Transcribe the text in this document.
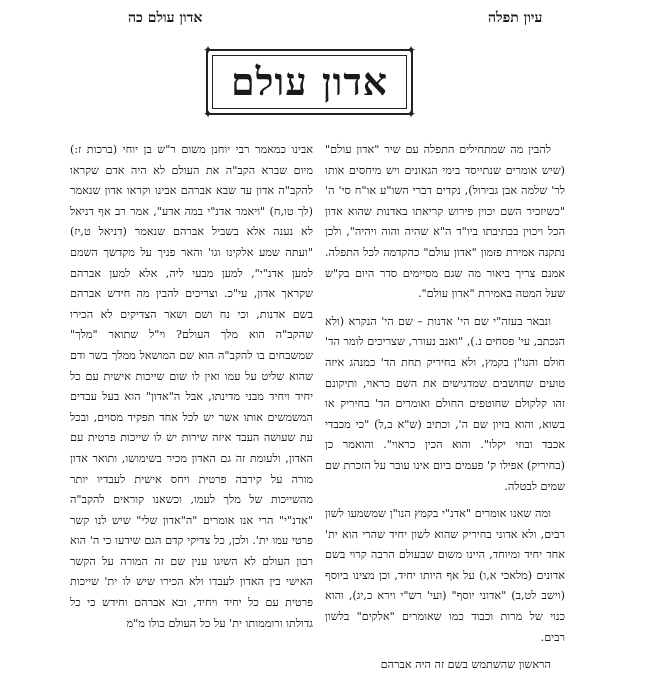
עיון תפלה
אדון עולם כה
✦	✦
✦	✦
אדון עולם

להבין מה שמתחילים התפלה עם שיר "אדון עולם" (שיש אומרים שנתייסד בימי הגאונים ויש מיחסים אותו לר' שלמה אבן גבירול), נקדים דברי השו"ע או"ח סי' ה' "כשיזכיר השם יכוין פירוש קריאתו באדנות שהוא אדון הכל ויכוין בכתיבתו ביו"ד ה"א שהיה והוה ויהיה", ולכן נתקנה אמירת פזמון "אדון עולם" כהקדמה לכל התפלה. אמנם צריך ביאור מה שגם מסיימים סדר היום בק"ש שעל המטה באמירת "אדון עולם".

ונבאר בעזה"י שם הי' אדנות – שם הי' הנקרא (ולא הנכתב, עי' פסחים נ.), "ואנב נעורר, שצריכים לומר הד' חולם והנו"ן בקמץ, ולא בחיריק תחת הד' כמנהג איזה טועים שחושבים שמדגישים את השם כראוי, ותיקונם זהו קלקולם שחוטפים החולם ואומרים הד' בחיריק או בשוא, והוא בזיון שם ה', וכתיב (ש"א ב,ל) "כי מכבדי אכבד ובוזי יקלו". והוא הכין כראוי". והואמר כן (בחיריק) אפילו ק' פעמים ביום אינו עובר על הזכרת שם שמים לבטלה.

ומה שאנו אומרים "אדנ"י בקמץ הנו"ן שמשמעו לשון רבים, ולא אדוני בחיריק שהוא לשון יחיד שהרי הוא ית' אחד יחיד ומיוחד, היינו משום שבעולם הרבה קרוי בשם אדונים (מלאכי א,ו) על אף היותו יחיד, וכן מצינו ביוסף (וישב לט,ב) "אדוני יוסף" (ועי' רש"י וירא כ,יג), והוא כנוי של מרות וכבוד כמו שאומרים "אלקים" בלשון רבים.

הראשון שהשתמש בשם זה היה אברהם

אבינו כמאמר רבי יוחנן משום ר"ש בן יוחי (ברכות ז:) מיום שברא הקב"ה את העולם לא היה אדם שקראו להקב"ה אדון עד שבא אברהם אבינו וקראו אדון שנאמר (לך טו,ח) "ויאמר אדנ"י במה אדע", אמר רב אף דניאל לא נענה אלא בשביל אברהם שנאמר (דניאל ט,יז) "ועתה שמע אלקינו וגו' והאר פניך על מקדשך השמם למען אדנ"י", למען מבעי ליה, אלא למען אברהם שקראך אדון, עי"כ. וצריכים להבין מה חידש אברהם בשם אדנות, וכי נח ושם ושאר הצדיקים לא הכירו שהקב"ה הוא מלך העולם? וי"ל שתואר "מלך" שמשבחים בו להקב"ה הוא שם המושאל ממלך בשר ודם שהוא שליט על עמו ואין לו שום שייכות אישית עם כל יחיד ויחיד מבני מדינתו, אבל ה"אדון" הוא בעל עבדים המשמשים אותו אשר יש לכל אחד תפקיד מסוים, ובכל עת שעושה העבד איזה שירות יש לו שייכות פרטית עם האדון, ולעומת זה גם האדון מכיר בשימושו, ותואר אדון מורה על קירבה פרטית ויחס אישית לעבדיו יותר מהשייכות של מלך לעמו, וכשאנו קוראים להקב"ה "אדנ"י" הרי אנו אומרים "ה"אדון שלי" שיש לנו קשר פרטי עמו ית'. ולכן, כל צדיקי קדם הגם שידעו כי ה' הוא רבון העולם לא השיגו ענין שם זה המורה על הקשר האישי בין האדון לעבדו ולא הכירו שיש לו ית' שייכות פרטית עם כל יחיד ויחיד, ובא אברהם וחידש כי כל גדולתו ורוממותו ית' על כל העולם כולו מ"מ
